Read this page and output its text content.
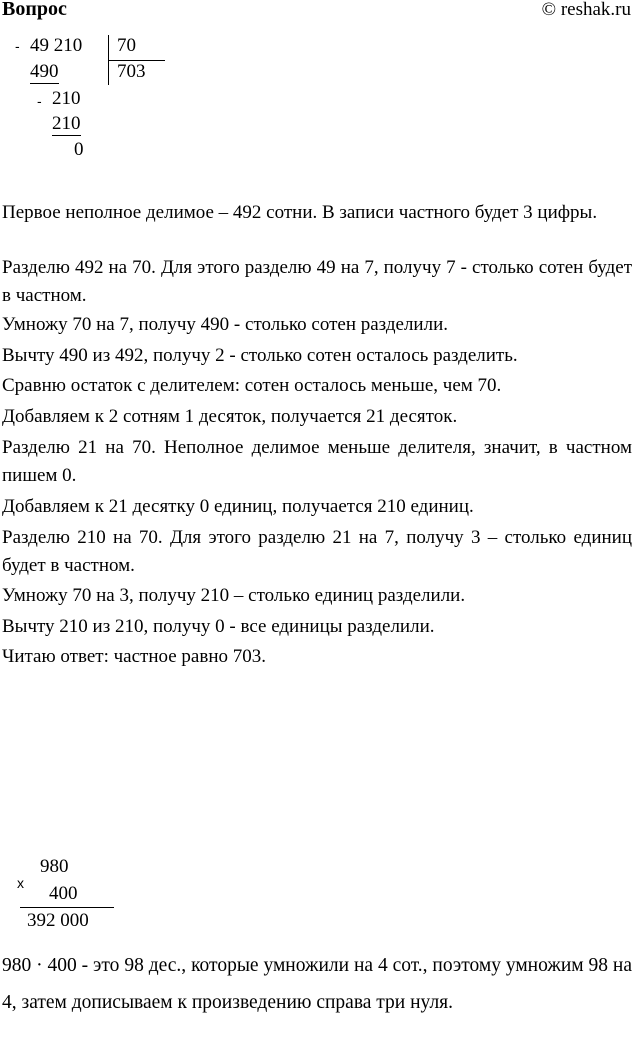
Вопрос	© reshak.ru
- 49 210 70
490	703
- 210
210
0
Первое неполное делимое – 492 сотни. В записи частного будет 3 цифры.
Разделю 492 на 70. Для этого разделю 49 на 7, получу 7 - столько сотен будет в частном.
Умножу 70 на 7, получу 490 - столько сотен разделили.
Вычту 490 из 492, получу 2 - столько сотен осталось разделить.
Сравню остаток с делителем: сотен осталось меньше, чем 70.
Добавляем к 2 сотням 1 десяток, получается 21 десяток.
Разделю 21 на 70. Неполное делимое меньше делителя, значит, в частном пишем 0.
Добавляем к 21 десятку 0 единиц, получается 210 единиц.
Разделю 210 на 70. Для этого разделю 21 на 7, получу 3 – столько единиц будет в частном.
Умножу 70 на 3, получу 210 – столько единиц разделили.
Вычту 210 из 210, получу 0 - все единицы разделили.
Читаю ответ: частное равно 703.
x
980
400
392 000
980 · 400 - это 98 дес., которые умножили на 4 сот., поэтому умножим 98 на 4, затем дописываем к произведению справа три нуля.
